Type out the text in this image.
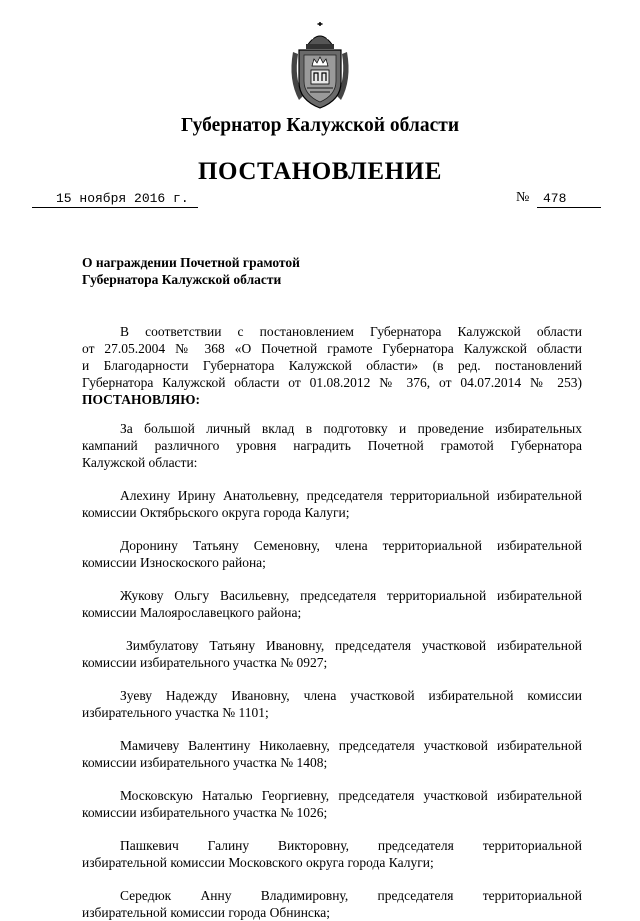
Губернатор Калужской области
ПОСТАНОВЛЕНИЕ
15 ноября 2016 г.	№ 478
О награждении Почетной грамотой
Губернатора Калужской области
В соответствии с постановлением Губернатора Калужской области
от 27.05.2004 № 368 «О Почетной грамоте Губернатора Калужской области
и Благодарности Губернатора Калужской области» (в ред. постановлений
Губернатора Калужской области от 01.08.2012 № 376, от 04.07.2014 № 253)
ПОСТАНОВЛЯЮ:
За большой личный вклад в подготовку и проведение избирательных
кампаний различного уровня наградить Почетной грамотой Губернатора
Калужской области:
Алехину Ирину Анатольевну, председателя территориальной избирательной
комиссии Октябрьского округа города Калуги;
Доронину Татьяну Семеновну, члена территориальной избирательной
комиссии Износкоского района;
Жукову Ольгу Васильевну, председателя территориальной избирательной
комиссии Малоярославецкого района;
Зимбулатову Татьяну Ивановну, председателя участковой избирательной
комиссии избирательного участка № 0927;
Зуеву Надежду Ивановну, члена участковой избирательной комиссии
избирательного участка № 1101;
Мамичеву Валентину Николаевну, председателя участковой избирательной
комиссии избирательного участка № 1408;
Московскую Наталью Георгиевну, председателя участковой избирательной
комиссии избирательного участка № 1026;
Пашкевич Галину Викторовну, председателя территориальной
избирательной комиссии Московского округа города Калуги;
Середюк Анну Владимировну, председателя территориальной
избирательной комиссии города Обнинска;
